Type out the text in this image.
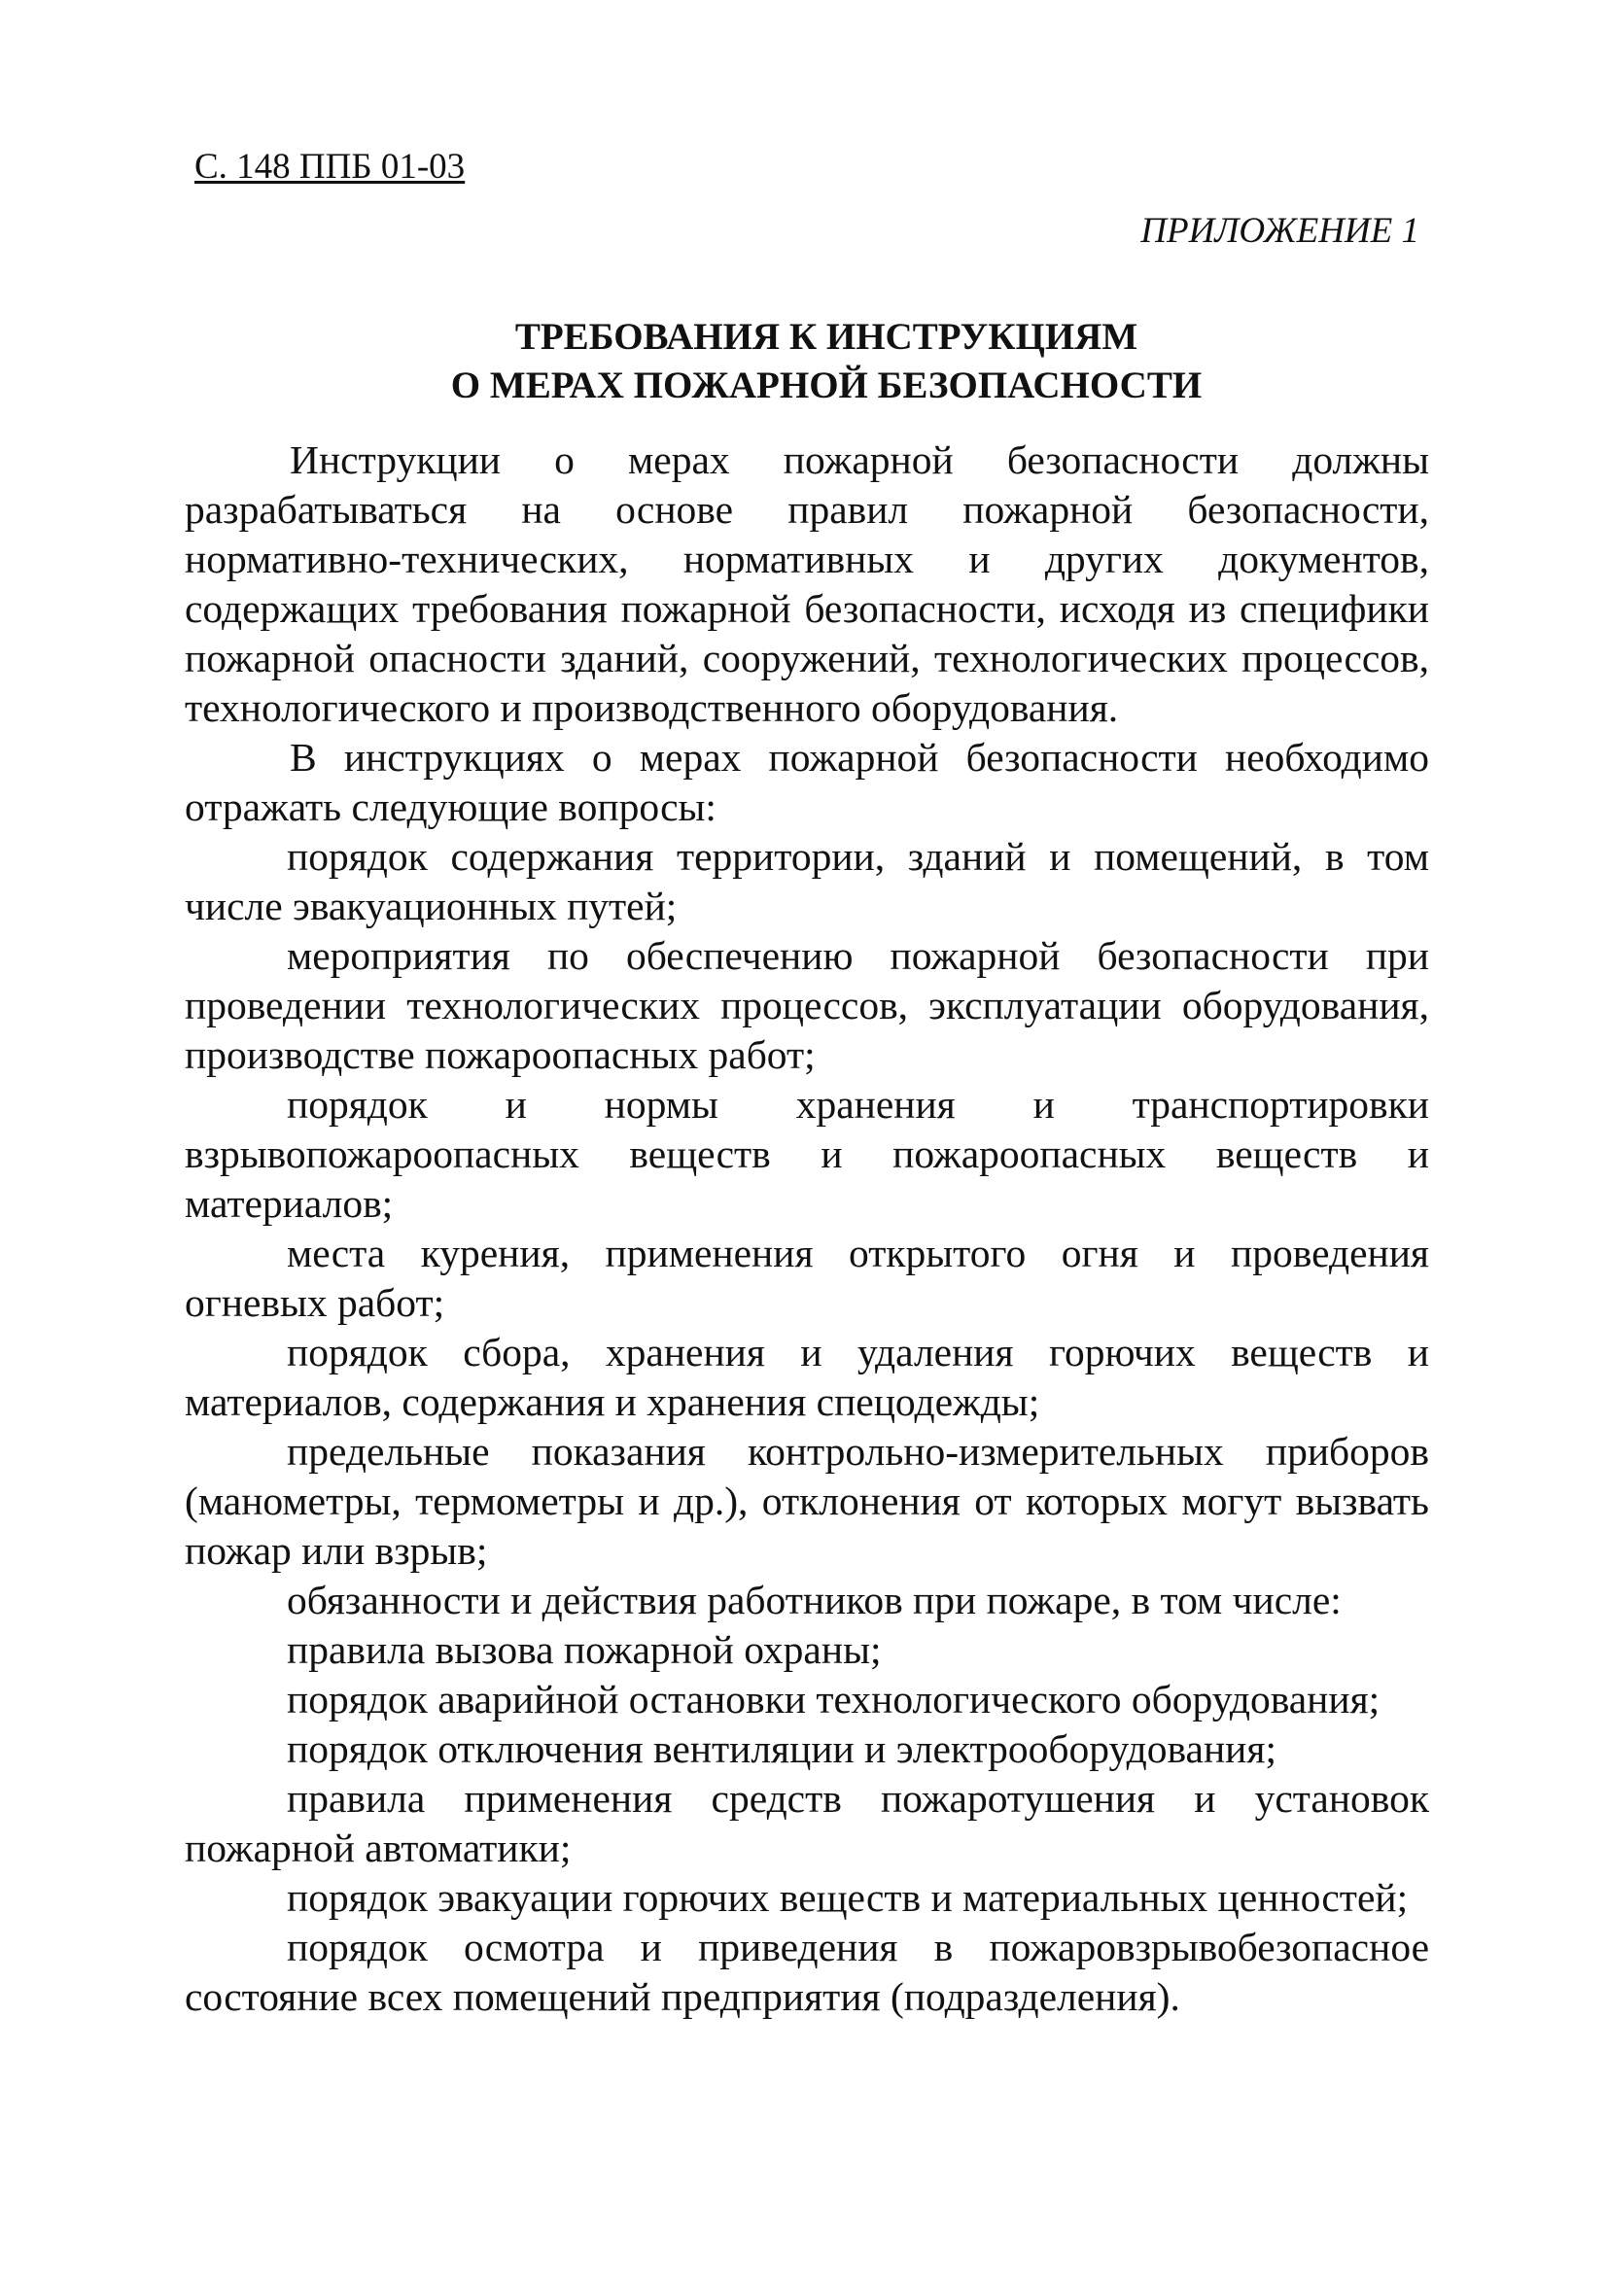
С. 148 ППБ 01-03
ПРИЛОЖЕНИЕ 1
ТРЕБОВАНИЯ К ИНСТРУКЦИЯМ
О МЕРАХ ПОЖАРНОЙ БЕЗОПАСНОСТИ

Инструкции о мерах пожарной безопасности должны разрабатываться на основе правил пожарной безопасности, нормативно-технических, нормативных и других документов, содержащих требования пожарной безопасности, исходя из специфики пожарной опасности зданий, сооружений, технологических процессов, технологического и производственного оборудования.

В инструкциях о мерах пожарной безопасности необходимо отражать следующие вопросы:

порядок содержания территории, зданий и помещений, в том числе эвакуационных путей;

мероприятия по обеспечению пожарной безопасности при проведении технологических процессов, эксплуатации оборудования, производстве пожароопасных работ;

порядок и нормы хранения и транспортировки взрывопожароопасных веществ и пожароопасных веществ и материалов;

места курения, применения открытого огня и проведения огневых работ;

порядок сбора, хранения и удаления горючих веществ и материалов, содержания и хранения спецодежды;

предельные показания контрольно-измерительных приборов (манометры, термометры и др.), отклонения от которых могут вызвать пожар или взрыв;

обязанности и действия работников при пожаре, в том числе:

правила вызова пожарной охраны;

порядок аварийной остановки технологического оборудования;

порядок отключения вентиляции и электрооборудования;

правила применения средств пожаротушения и установок пожарной автоматики;

порядок эвакуации горючих веществ и материальных ценностей;

порядок осмотра и приведения в пожаровзрывобезопасное состояние всех помещений предприятия (подразделения).
